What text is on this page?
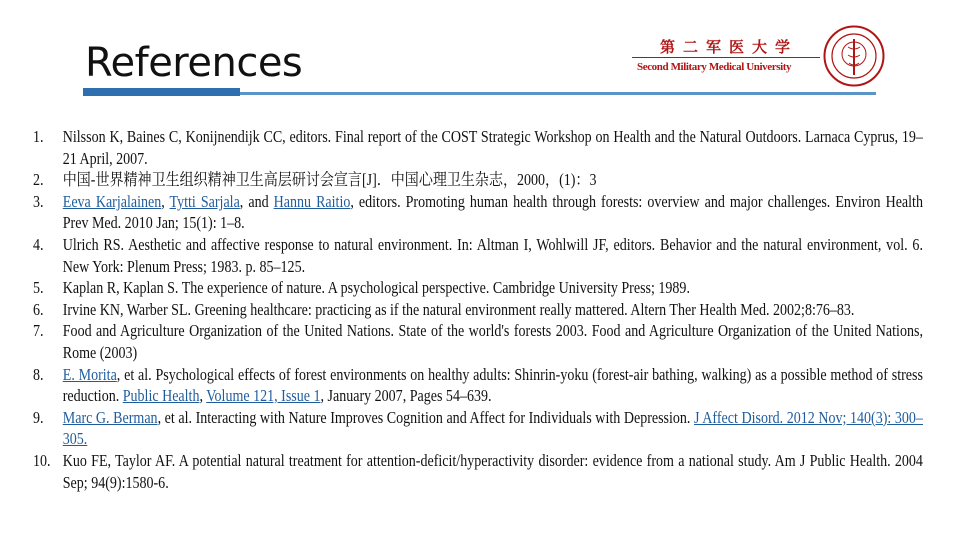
References	第二军医大学
Second Military Medical University
1.	Nilsson K, Baines C, Konijnendijk CC, editors. Final report of the COST Strategic Workshop on Health and the Natural Outdoors. Larnaca Cyprus, 19–21 April, 2007.
2.	中国-世界精神卫生组织精神卫生高层研讨会宣言[J]．中国心理卫生杂志，2000，(1)：3
3.	Eeva Karjalainen, Tytti Sarjala, and Hannu Raitio, editors. Promoting human health through forests: overview and major challenges. Environ Health Prev Med. 2010 Jan; 15(1): 1–8.
4.	Ulrich RS. Aesthetic and affective response to natural environment. In: Altman I, Wohlwill JF, editors. Behavior and the natural environment, vol. 6. New York: Plenum Press; 1983. p. 85–125.
5.	Kaplan R, Kaplan S. The experience of nature. A psychological perspective. Cambridge University Press; 1989.
6.	Irvine KN, Warber SL. Greening healthcare: practicing as if the natural environment really mattered. Altern Ther Health Med. 2002;8:76–83.
7.	Food and Agriculture Organization of the United Nations. State of the world's forests 2003. Food and Agriculture Organization of the United Nations, Rome (2003)
8.	E. Morita, et al. Psychological effects of forest environments on healthy adults: Shinrin-yoku (forest-air bathing, walking) as a possible method of stress reduction. Public Health, Volume 121, Issue 1, January 2007, Pages 54–639.
9.	Marc G. Berman, et al. Interacting with Nature Improves Cognition and Affect for Individuals with Depression. J Affect Disord. 2012 Nov; 140(3): 300–305.
10. Kuo FE, Taylor AF. A potential natural treatment for attention-deficit/hyperactivity disorder: evidence from a national study. Am J Public Health. 2004 Sep; 94(9):1580-6.
